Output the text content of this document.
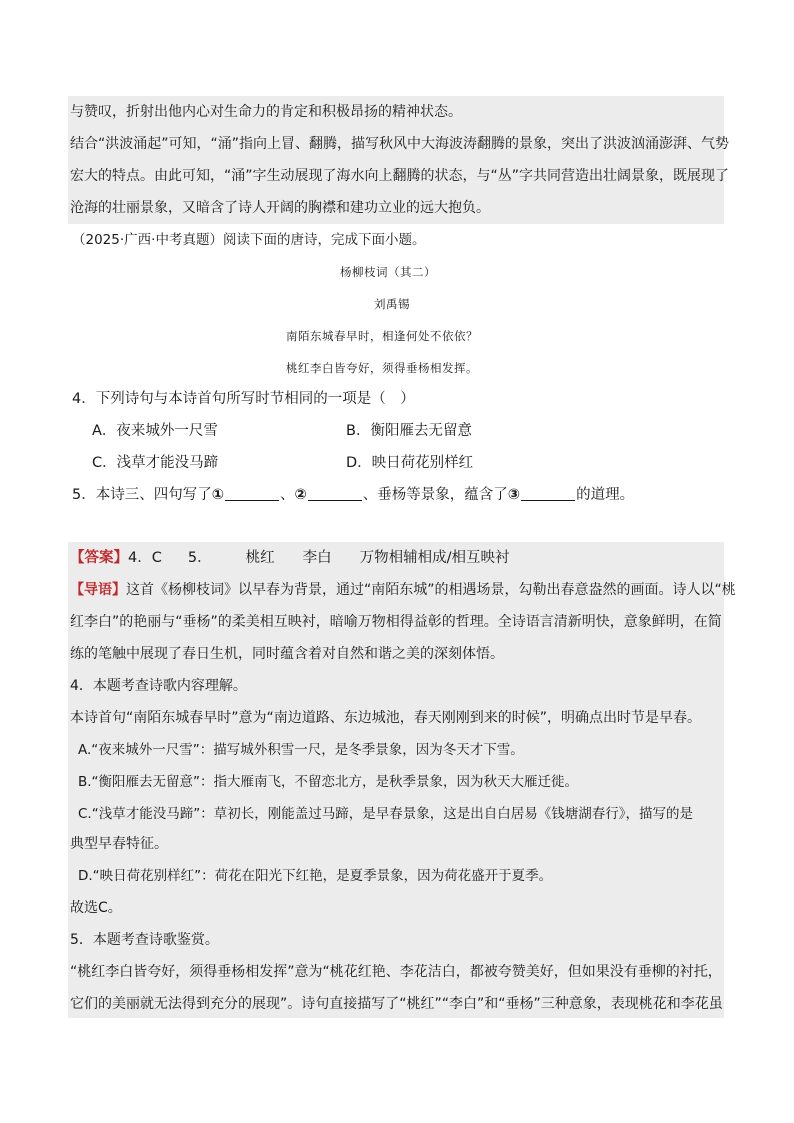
与赞叹，折射出他内心对生命力的肯定和积极昂扬的精神状态。
结合“洪波涌起”可知，“涌”指向上冒、翻腾，描写秋风中大海波涛翻腾的景象，突出了洪波汹涌澎湃、气势
宏大的特点。由此可知，“涌”字生动展现了海水向上翻腾的状态，与“丛”字共同营造出壮阔景象，既展现了
沧海的壮丽景象，又暗含了诗人开阔的胸襟和建功立业的远大抱负。
（2025·广西·中考真题）阅读下面的唐诗，完成下面小题。
杨柳枝词（其二）
刘禹锡
南陌东城春早时，相逢何处不依依？
桃红李白皆夸好，须得垂杨相发挥。
4．下列诗句与本诗首句所写时节相同的一项是（　）
A．夜来城外一尺雪	B．衡阳雁去无留意
C．浅草才能没马蹄	D．映日荷花别样红
5．本诗三、四句写了①	、②	、垂杨等景象，蕴含了③	的道理。
【答案】4．C 5． 桃红 李白 万物相辅相成/相互映衬
【导语】这首《杨柳枝词》以早春为背景，通过“南陌东城”的相遇场景，勾勒出春意盎然的画面。诗人以“桃
红李白”的艳丽与“垂杨”的柔美相互映衬，暗喻万物相得益彰的哲理。全诗语言清新明快，意象鲜明，在简
练的笔触中展现了春日生机，同时蕴含着对自然和谐之美的深刻体悟。
4．本题考查诗歌内容理解。
本诗首句“南陌东城春早时”意为“南边道路、东边城池，春天刚刚到来的时候”，明确点出时节是早春。
A.“夜来城外一尺雪”：描写城外积雪一尺，是冬季景象，因为冬天才下雪。
B.“衡阳雁去无留意”：指大雁南飞，不留恋北方，是秋季景象，因为秋天大雁迁徙。
C.“浅草才能没马蹄”：草初长，刚能盖过马蹄，是早春景象，这是出自白居易《钱塘湖春行》，描写的是
典型早春特征。
D.“映日荷花别样红”：荷花在阳光下红艳，是夏季景象，因为荷花盛开于夏季。
故选C。
5．本题考查诗歌鉴赏。
“桃红李白皆夸好，须得垂杨相发挥”意为“桃花红艳、李花洁白，都被夸赞美好，但如果没有垂柳的衬托，
它们的美丽就无法得到充分的展现”。诗句直接描写了“桃红”“李白”和“垂杨”三种意象，表现桃花和李花虽
